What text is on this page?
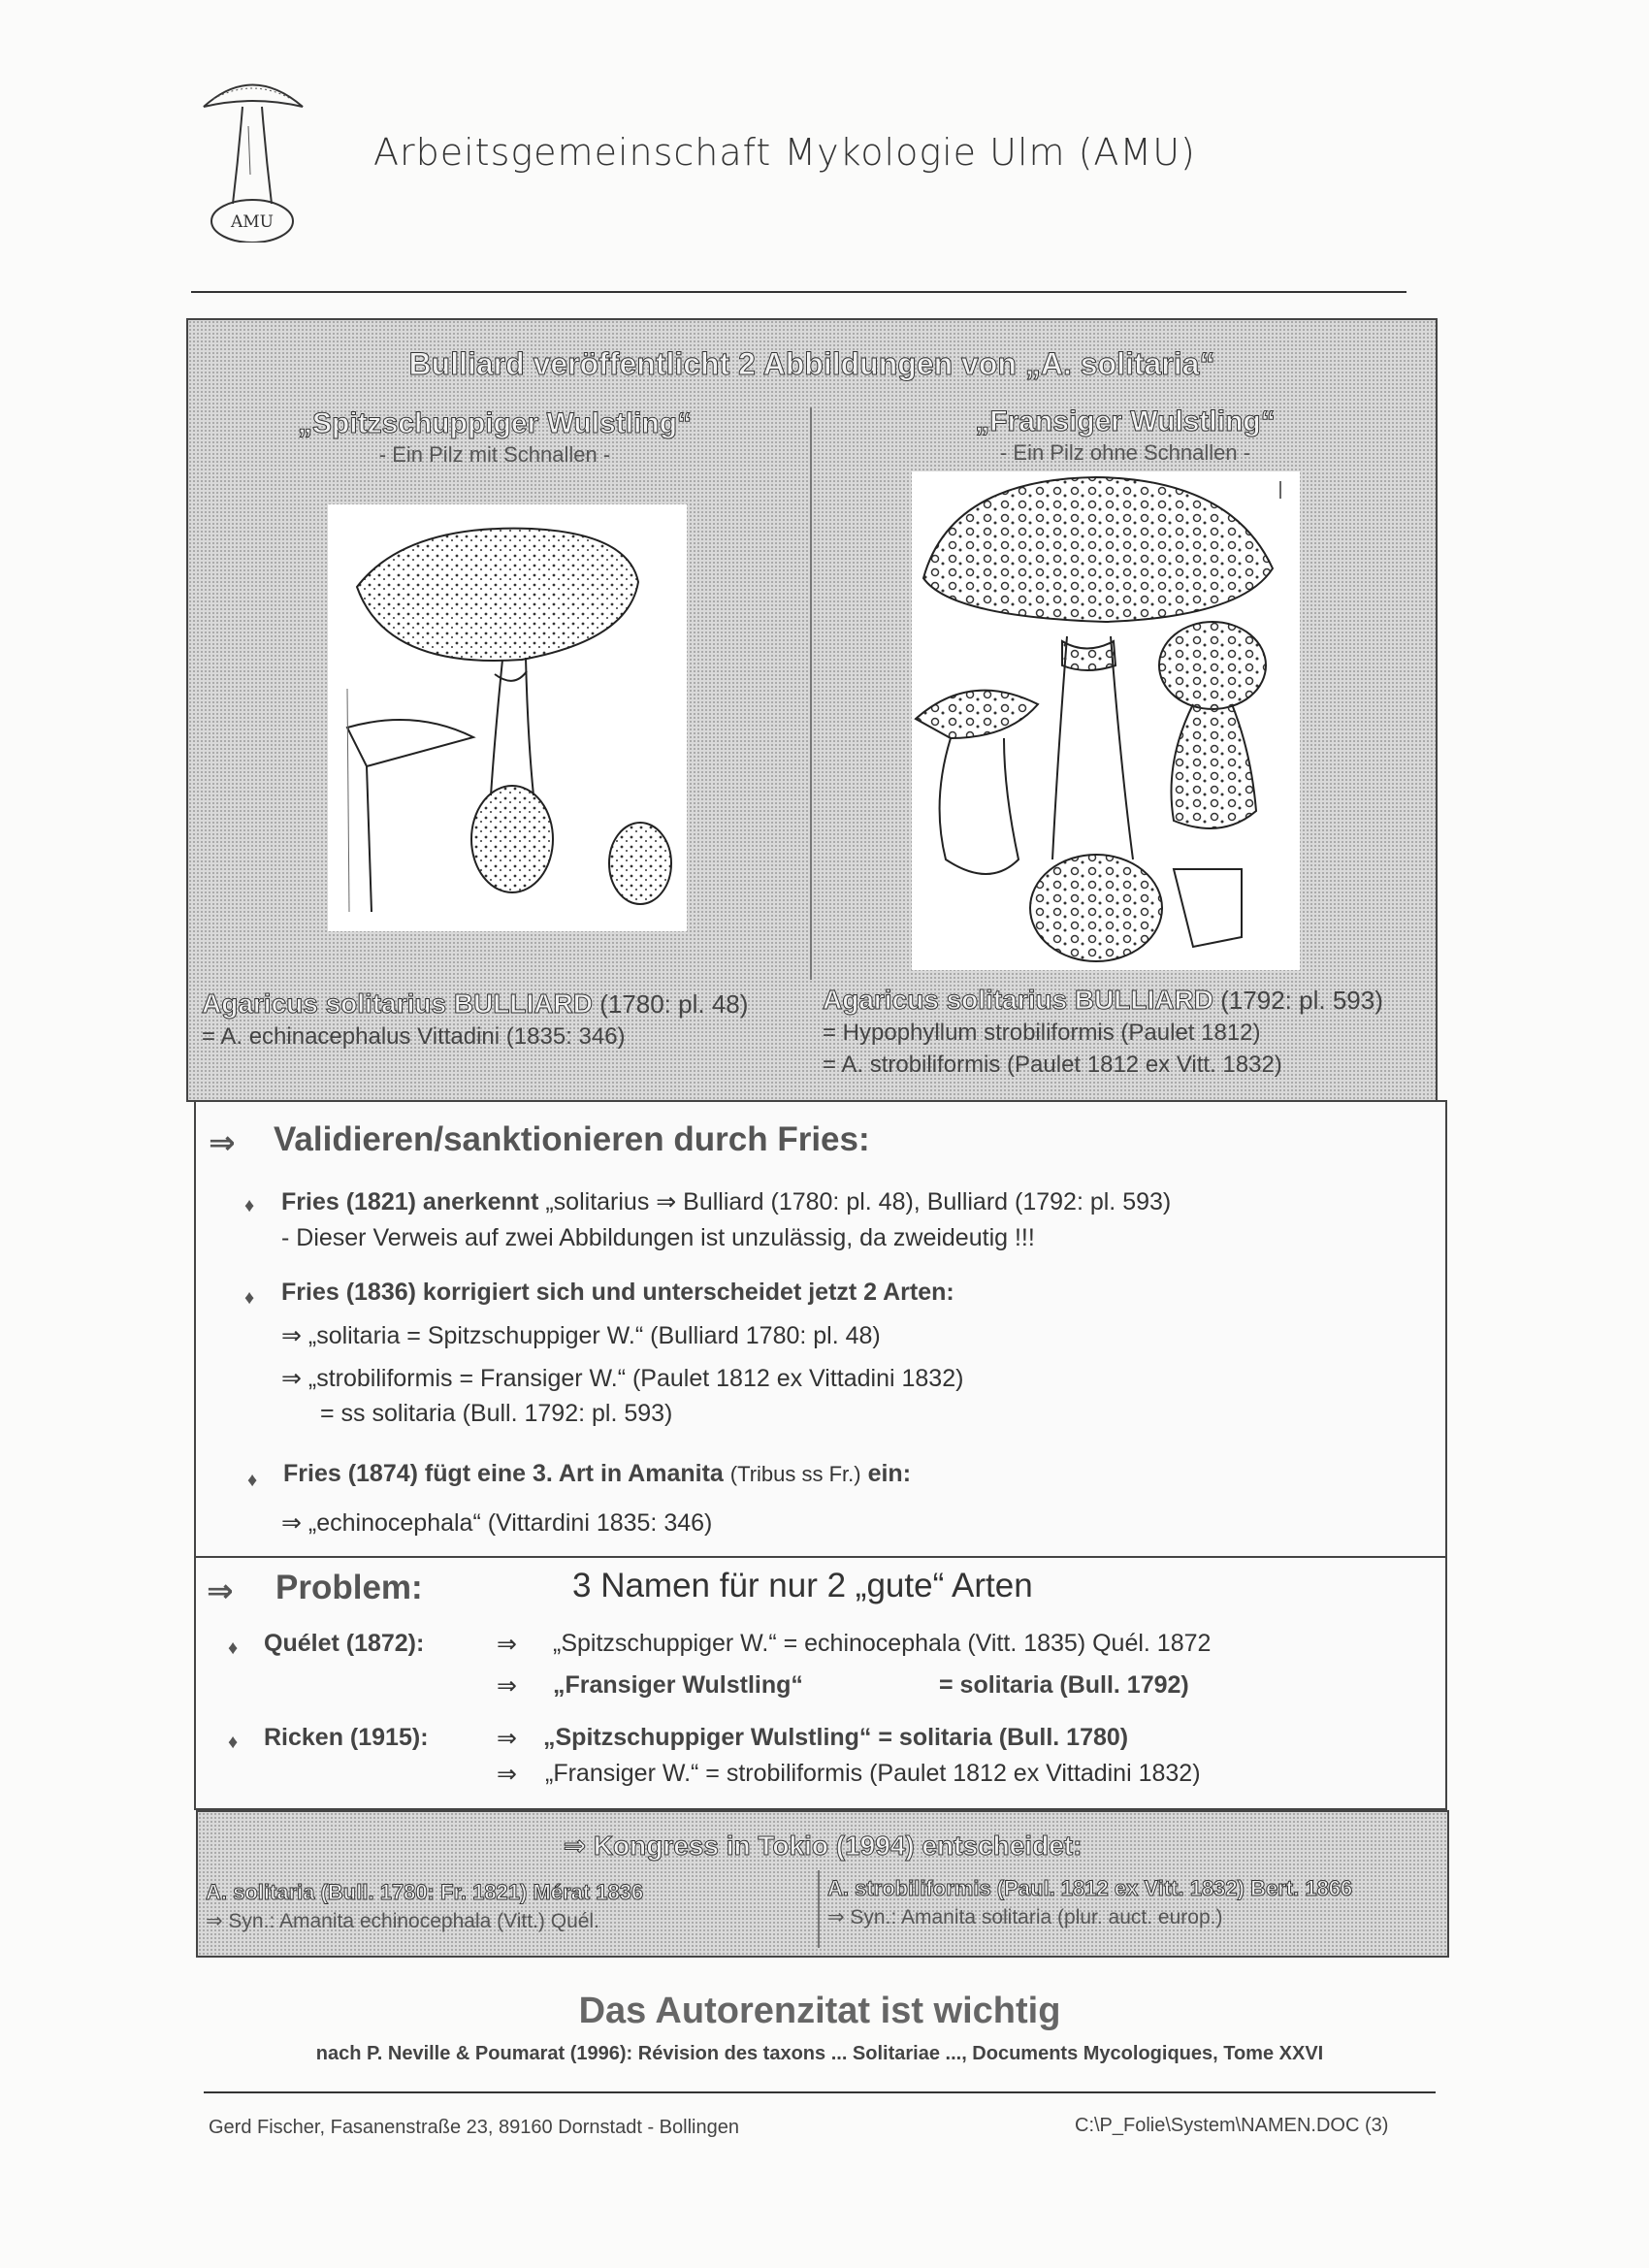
AMU
Arbeitsgemeinschaft Mykologie Ulm (AMU)
Bulliard veröffentlicht 2 Abbildungen von „A. solitaria“
„Spitzschuppiger Wulstling“
- Ein Pilz mit Schnallen -
Agaricus solitarius BULLIARD (1780: pl. 48)
= A. echinacephalus Vittadini (1835: 346)
„Fransiger Wulstling“
- Ein Pilz ohne Schnallen -
Agaricus solitarius BULLIARD (1792: pl. 593)
= Hypophyllum strobiliformis (Paulet 1812)
= A. strobiliformis (Paulet 1812 ex Vitt. 1832)
⇒ Validieren/sanktionieren durch Fries:
♦ Fries (1821) anerkennt „solitarius ⇒ Bulliard (1780: pl. 48), Bulliard (1792: pl. 593)
- Dieser Verweis auf zwei Abbildungen ist unzulässig, da zweideutig !!!
♦ Fries (1836) korrigiert sich und unterscheidet jetzt 2 Arten:
⇒ „solitaria = Spitzschuppiger W.“ (Bulliard 1780: pl. 48)
⇒ „strobiliformis = Fransiger W.“ (Paulet 1812 ex Vittadini 1832)
= ss solitaria (Bull. 1792: pl. 593)
♦ Fries (1874) fügt eine 3. Art in Amanita (Tribus ss Fr.) ein:
⇒ „echinocephala“ (Vittardini 1835: 346)
⇒ Problem:	3 Namen für nur 2 „gute“ Arten
♦ Quélet (1872):	⇒ „Spitzschuppiger W.“ = echinocephala (Vitt. 1835) Quél. 1872
⇒ „Fransiger Wulstling“	= solitaria (Bull. 1792)
♦ Ricken (1915):	⇒ „Spitzschuppiger Wulstling“ = solitaria (Bull. 1780)
⇒ „Fransiger W.“ = strobiliformis (Paulet 1812 ex Vittadini 1832)
⇒ Kongress in Tokio (1994) entscheidet:
A. solitaria (Bull. 1780: Fr. 1821) Mérat 1836
⇒ Syn.: Amanita echinocephala (Vitt.) Quél.
A. strobiliformis (Paul. 1812 ex Vitt. 1832) Bert. 1866
⇒ Syn.: Amanita solitaria (plur. auct. europ.)
Das Autorenzitat ist wichtig
nach P. Neville & Poumarat (1996): Révision des taxons ... Solitariae ..., Documents Mycologiques, Tome XXVI
Gerd Fischer, Fasanenstraße 23, 89160 Dornstadt - Bollingen	C:\P_Folie\System\NAMEN.DOC (3)
